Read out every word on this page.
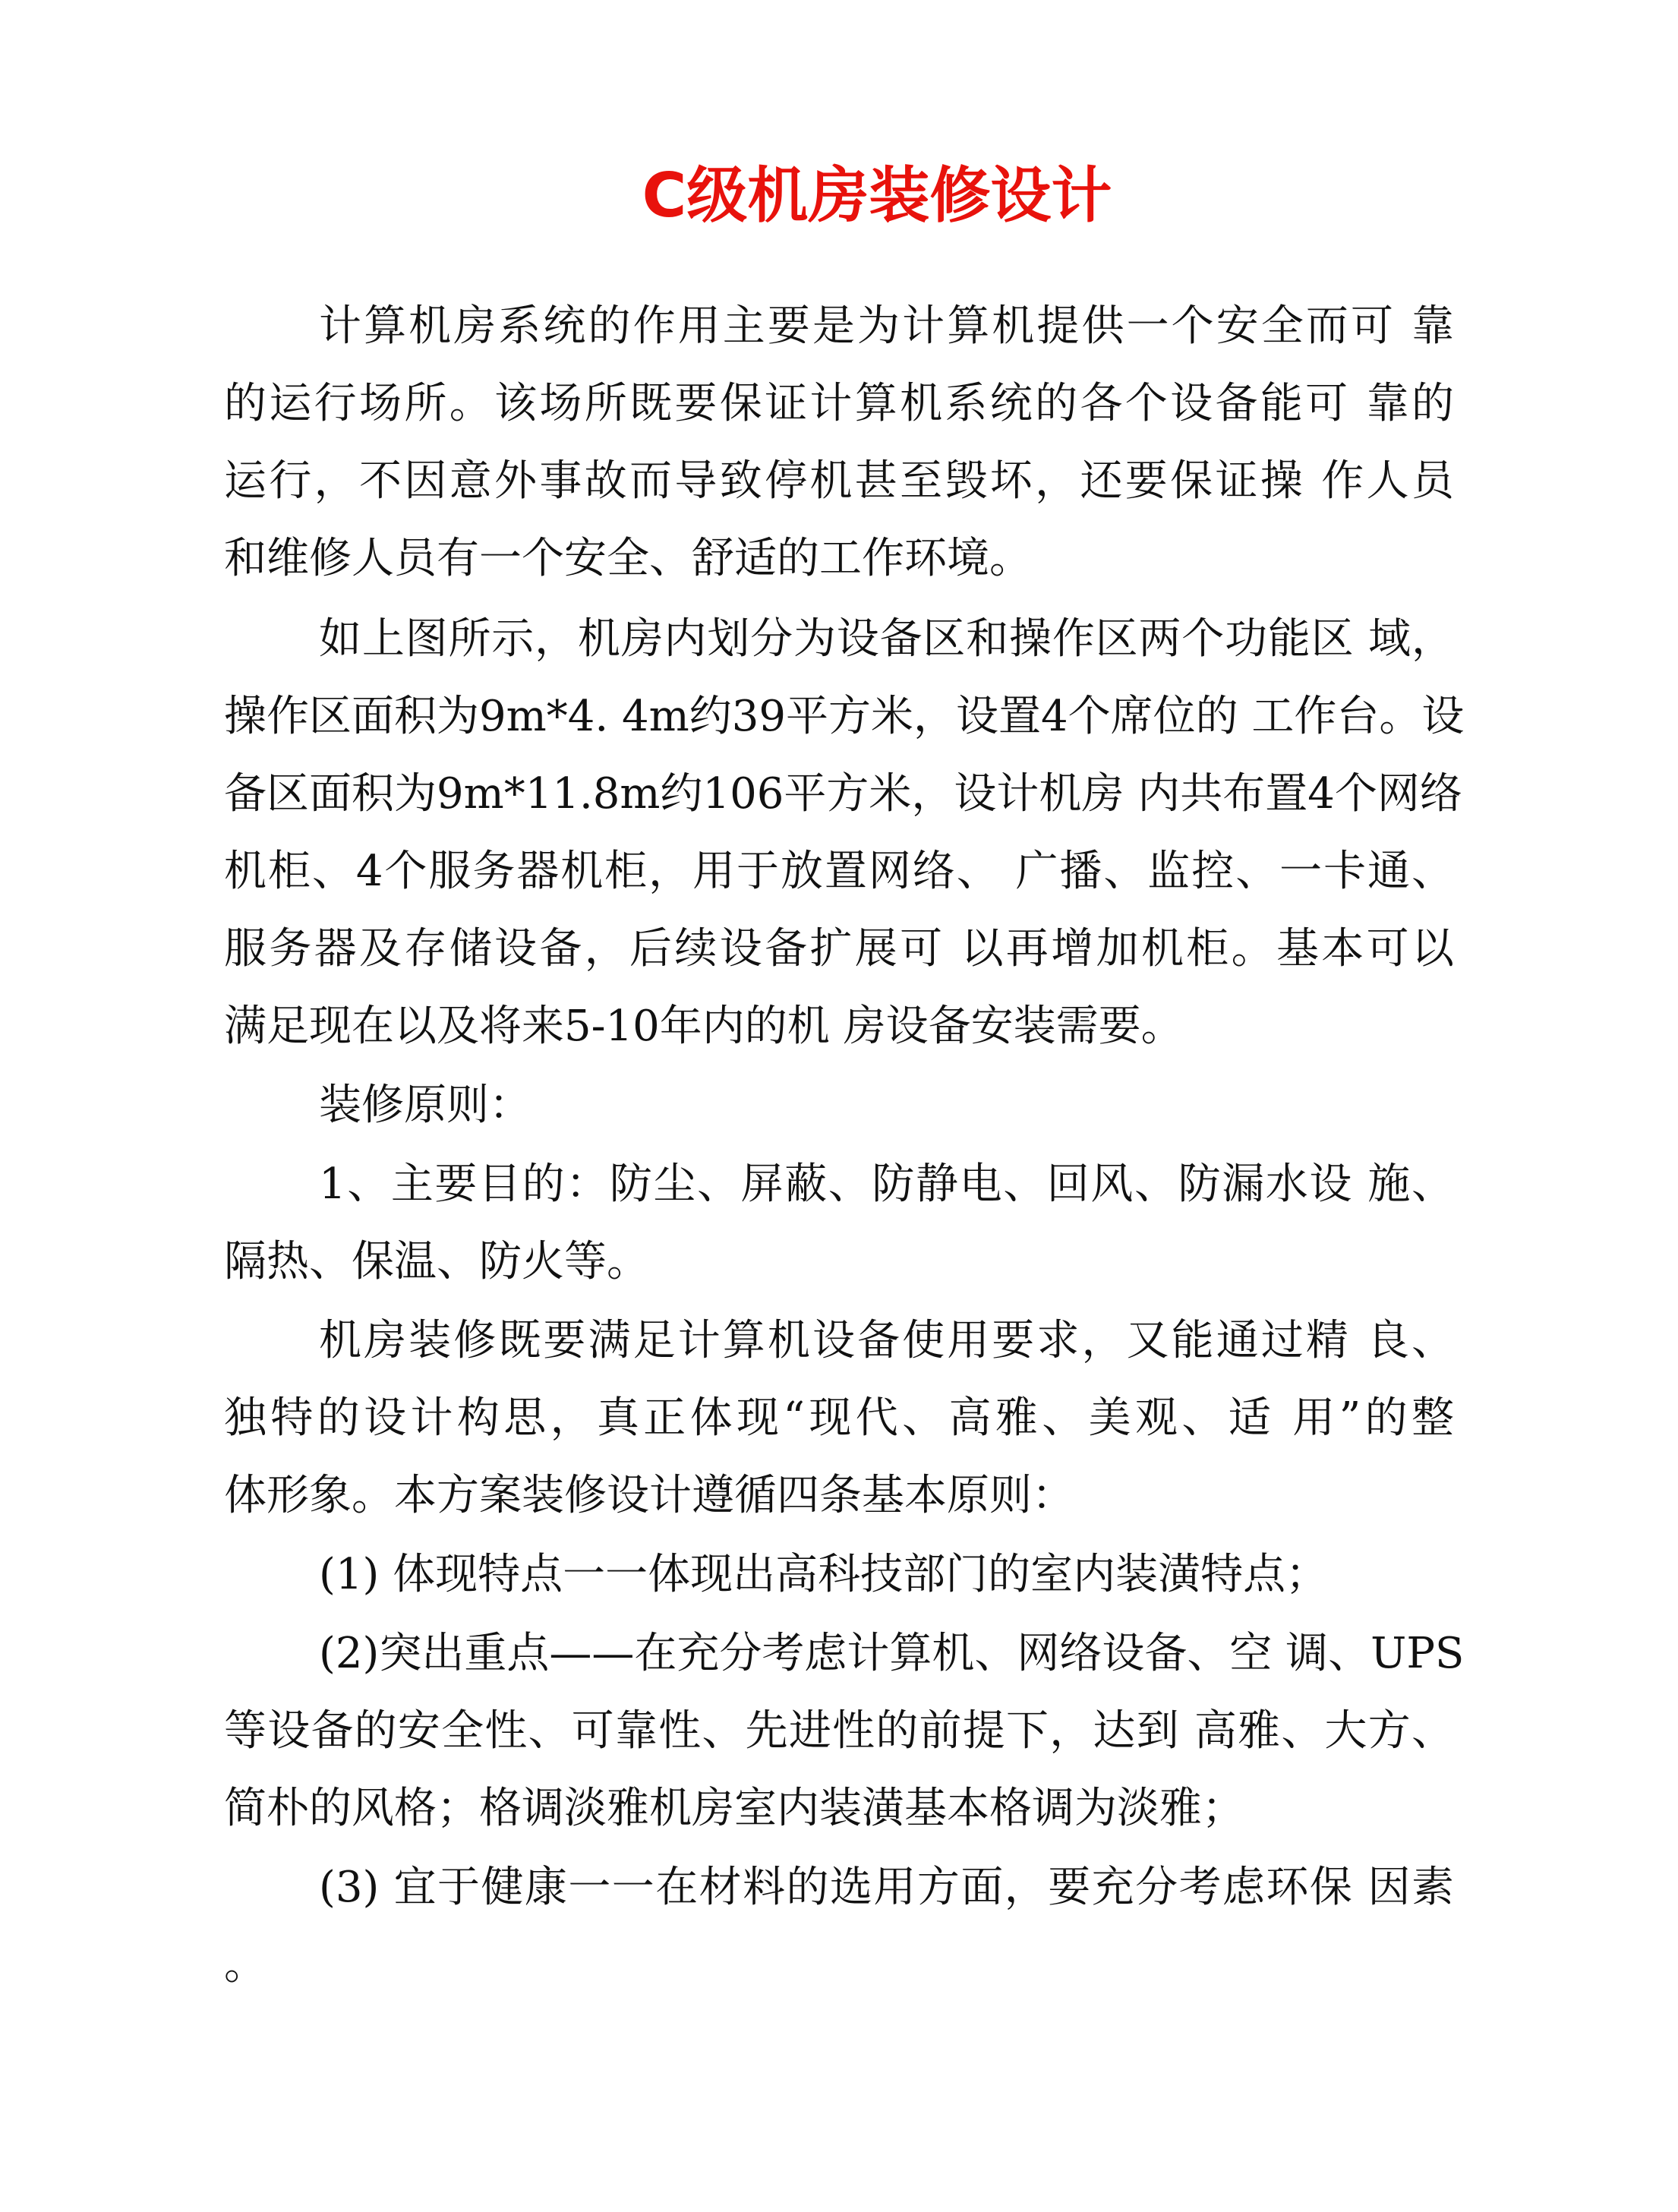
C级机房装修设计
计算机房系统的作用主要是为计算机提供一个安全而可 靠
的运行场所。该场所既要保证计算机系统的各个设备能可 靠的
运行，不因意外事故而导致停机甚至毁坏，还要保证操 作人员
和维修人员有一个安全、舒适的工作环境。
如上图所示，机房内划分为设备区和操作区两个功能区 域，
操作区面积为9m*4. 4m约39平方米，设置4个席位的 工作台。设
备区面积为9m*11.8m约106平方米，设计机房 内共布置4个网络
机柜、4个服务器机柜，用于放置网络、 广播、监控、一卡通、
服务器及存储设备，后续设备扩展可 以再增加机柜。基本可以
满足现在以及将来5-10年内的机 房设备安装需要。
装修原则：
1、主要目的：防尘、屏蔽、防静电、回风、防漏水设 施、
隔热、保温、防火等。
机房装修既要满足计算机设备使用要求，又能通过精 良、
独特的设计构思，真正体现“现代、高雅、美观、适 用”的整
体形象。本方案装修设计遵循四条基本原则：
(1) 体现特点一一体现出高科技部门的室内装潢特点；
(2)突出重点——在充分考虑计算机、网络设备、空 调、UPS
等设备的安全性、可靠性、先进性的前提下，达到 高雅、大方、
简朴的风格；格调淡雅机房室内装潢基本格调为淡雅；
(3) 宜于健康一一在材料的选用方面，要充分考虑环保 因素
。
